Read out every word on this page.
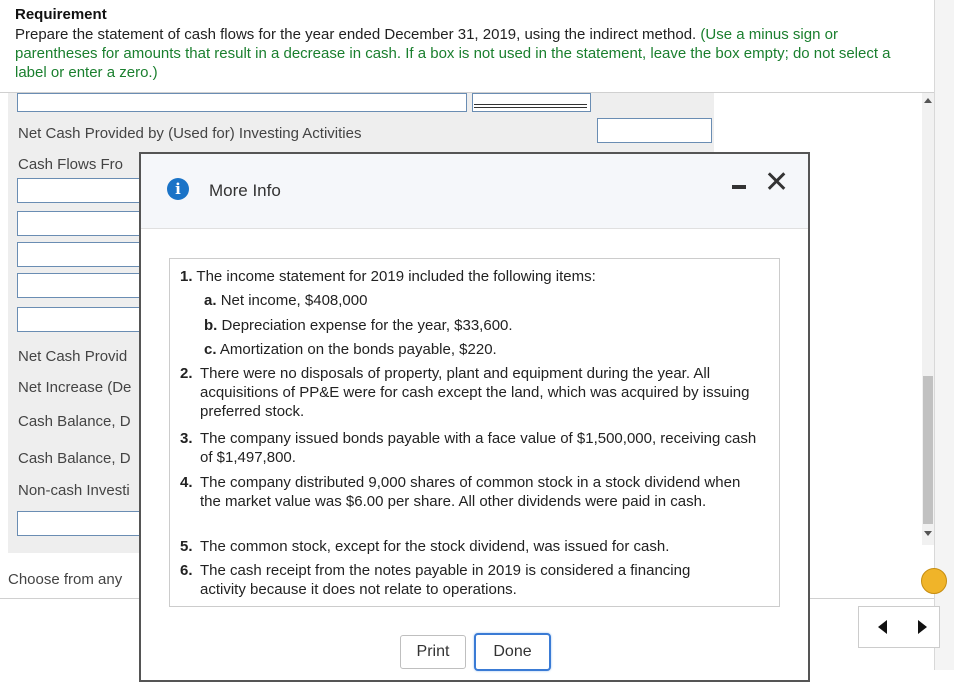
Requirement
Prepare the statement of cash flows for the year ended December 31, 2019, using the indirect method. (Use a minus sign or parentheses for amounts that result in a decrease in cash. If a box is not used in the statement, leave the box empty; do not select a label or enter a zero.)
Net Cash Provided by (Used for) Investing Activities
Cash Flows Fro
Net Cash Provid
Net Increase (De
Cash Balance, D
Cash Balance, D
Non-cash Investi
Choose from any
i	More Info	✕
1. The income statement for 2019 included the following items:
a. Net income, $408,000
b. Depreciation expense for the year, $33,600.
c. Amortization on the bonds payable, $220.
2. There were no disposals of property, plant and equipment during the year. All acquisitions of PP&E were for cash except the land, which was acquired by issuing preferred stock.
3. The company issued bonds payable with a face value of $1,500,000, receiving cash of $1,497,800.
4. The company distributed 9,000 shares of common stock in a stock dividend when the market value was $6.00 per share. All other dividends were paid in cash.
5. The common stock, except for the stock dividend, was issued for cash.
6. The cash receipt from the notes payable in 2019 is considered a financing activity because it does not relate to operations.
Print	Done
